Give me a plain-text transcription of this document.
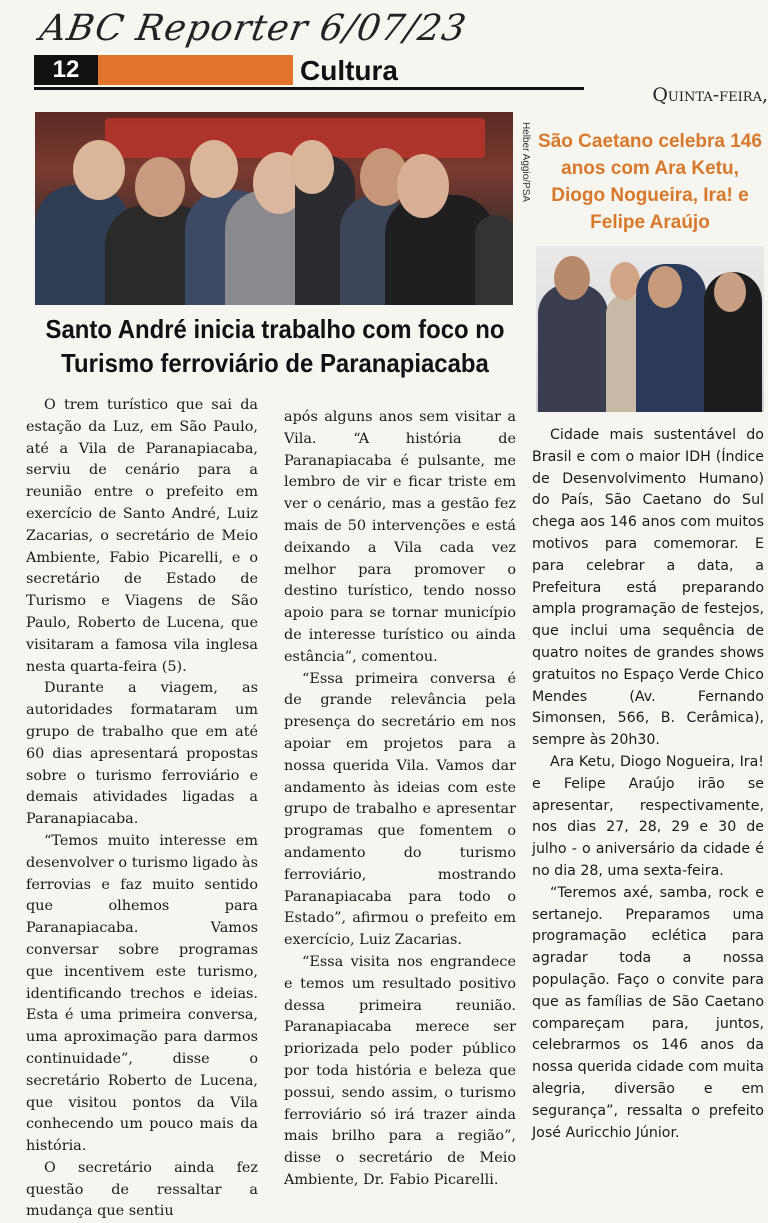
ABC Reporter 6/07/23
12	Cultura
Quinta-feira,
Helber Aggio/PSA São Caetano celebra 146 anos com Ara Ketu, Diogo Nogueira, Ira! e Felipe Araújo
Santo André inicia trabalho com foco no
Turismo ferroviário de Paranapiacaba

O trem turístico que sai da estação da Luz, em São Paulo, até a Vila de Paranapiacaba, serviu de cenário para a reunião entre o prefeito em exercício de Santo André, Luiz Zacarias, o secretário de Meio Ambiente, Fabio Picarelli, e o secretário de Estado de Turismo e Viagens de São Paulo, Roberto de Lucena, que visitaram a famosa vila inglesa nesta quarta-feira (5).

Durante a viagem, as autoridades formataram um grupo de trabalho que em até 60 dias apresentará propostas sobre o turismo ferroviário e demais atividades ligadas a Paranapiacaba.

“Temos muito interesse em desenvolver o turismo ligado às ferrovias e faz muito sentido que olhemos para Paranapiacaba. Vamos conversar sobre programas que incentivem este turismo, identificando trechos e ideias. Esta é uma primeira conversa, uma aproximação para darmos continuidade”, disse o secretário Roberto de Lucena, que visitou pontos da Vila conhecendo um pouco mais da história.

O secretário ainda fez questão de ressaltar a mudança que sentiu

após alguns anos sem visitar a Vila. “A história de Paranapiacaba é pulsante, me lembro de vir e ficar triste em ver o cenário, mas a gestão fez mais de 50 intervenções e está deixando a Vila cada vez melhor para promover o destino turístico, tendo nosso apoio para se tornar município de interesse turístico ou ainda estância”, comentou.

“Essa primeira conversa é de grande relevância pela presença do secretário em nos apoiar em projetos para a nossa querida Vila. Vamos dar andamento às ideias com este grupo de trabalho e apresentar programas que fomentem o andamento do turismo ferroviário, mostrando Paranapiacaba para todo o Estado”, afirmou o prefeito em exercício, Luiz Zacarias.

“Essa visita nos engrandece e temos um resultado positivo dessa primeira reunião. Paranapiacaba merece ser priorizada pelo poder público por toda história e beleza que possui, sendo assim, o turismo ferroviário só irá trazer ainda mais brilho para a região”, disse o secretário de Meio Ambiente, Dr. Fabio Picarelli.

Cidade mais sustentável do Brasil e com o maior IDH (Índice de Desenvolvimento Humano) do País, São Caetano do Sul chega aos 146 anos com muitos motivos para comemorar. E para celebrar a data, a Prefeitura está preparando ampla programação de festejos, que inclui uma sequência de quatro noites de grandes shows gratuitos no Espaço Verde Chico Mendes (Av. Fernando Simonsen, 566, B. Cerâmica), sempre às 20h30.

Ara Ketu, Diogo Nogueira, Ira! e Felipe Araújo irão se apresentar, respectivamente, nos dias 27, 28, 29 e 30 de julho - o aniversário da cidade é no dia 28, uma sexta-feira.

“Teremos axé, samba, rock e sertanejo. Preparamos uma programação eclética para agradar toda a nossa população. Faço o convite para que as famílias de São Caetano compareçam para, juntos, celebrarmos os 146 anos da nossa querida cidade com muita alegria, diversão e em segurança”, ressalta o prefeito José Auricchio Júnior.
